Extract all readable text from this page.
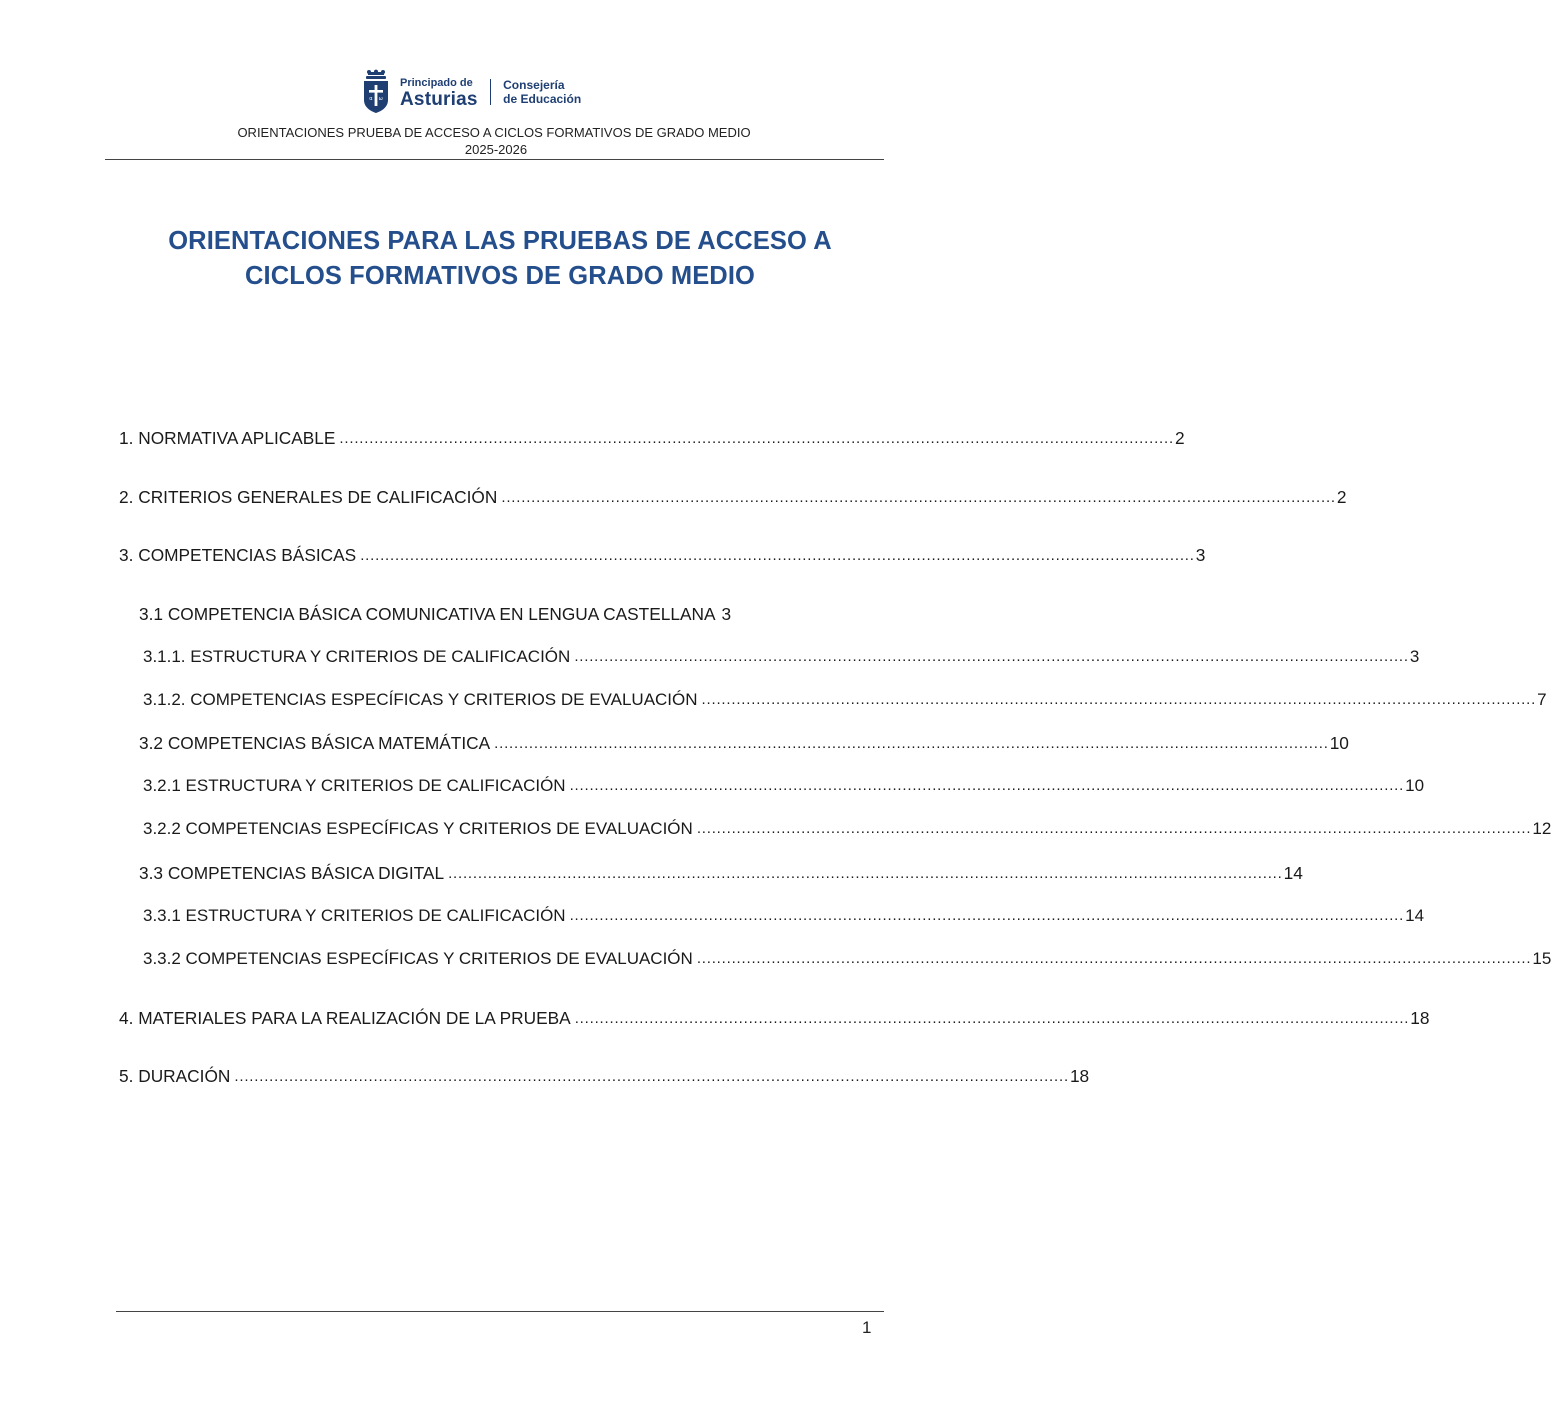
α ω
Principado de
Asturias
Consejería
de Educación
ORIENTACIONES PRUEBA DE ACCESO A CICLOS FORMATIVOS DE GRADO MEDIO
2025-2026
ORIENTACIONES PARA LAS PRUEBAS DE ACCESO A
CICLOS FORMATIVOS DE GRADO MEDIO
1. NORMATIVA APLICABLE ........................................................................................................................................................................ 2
2. CRITERIOS GENERALES DE CALIFICACIÓN ........................................................................................................................................................................ 2
3. COMPETENCIAS BÁSICAS ........................................................................................................................................................................ 3
3.1 COMPETENCIA BÁSICA COMUNICATIVA EN LENGUA CASTELLANA 3
3.1.1. ESTRUCTURA Y CRITERIOS DE CALIFICACIÓN ........................................................................................................................................................................ 3
3.1.2. COMPETENCIAS ESPECÍFICAS Y CRITERIOS DE EVALUACIÓN ........................................................................................................................................................................ 7
3.2 COMPETENCIAS BÁSICA MATEMÁTICA ........................................................................................................................................................................ 10
3.2.1 ESTRUCTURA Y CRITERIOS DE CALIFICACIÓN ........................................................................................................................................................................ 10
3.2.2 COMPETENCIAS ESPECÍFICAS Y CRITERIOS DE EVALUACIÓN ........................................................................................................................................................................ 12
3.3 COMPETENCIAS BÁSICA DIGITAL ........................................................................................................................................................................ 14
3.3.1 ESTRUCTURA Y CRITERIOS DE CALIFICACIÓN ........................................................................................................................................................................ 14
3.3.2 COMPETENCIAS ESPECÍFICAS Y CRITERIOS DE EVALUACIÓN ........................................................................................................................................................................ 15
4. MATERIALES PARA LA REALIZACIÓN DE LA PRUEBA ........................................................................................................................................................................ 18
5. DURACIÓN ........................................................................................................................................................................ 18
1
